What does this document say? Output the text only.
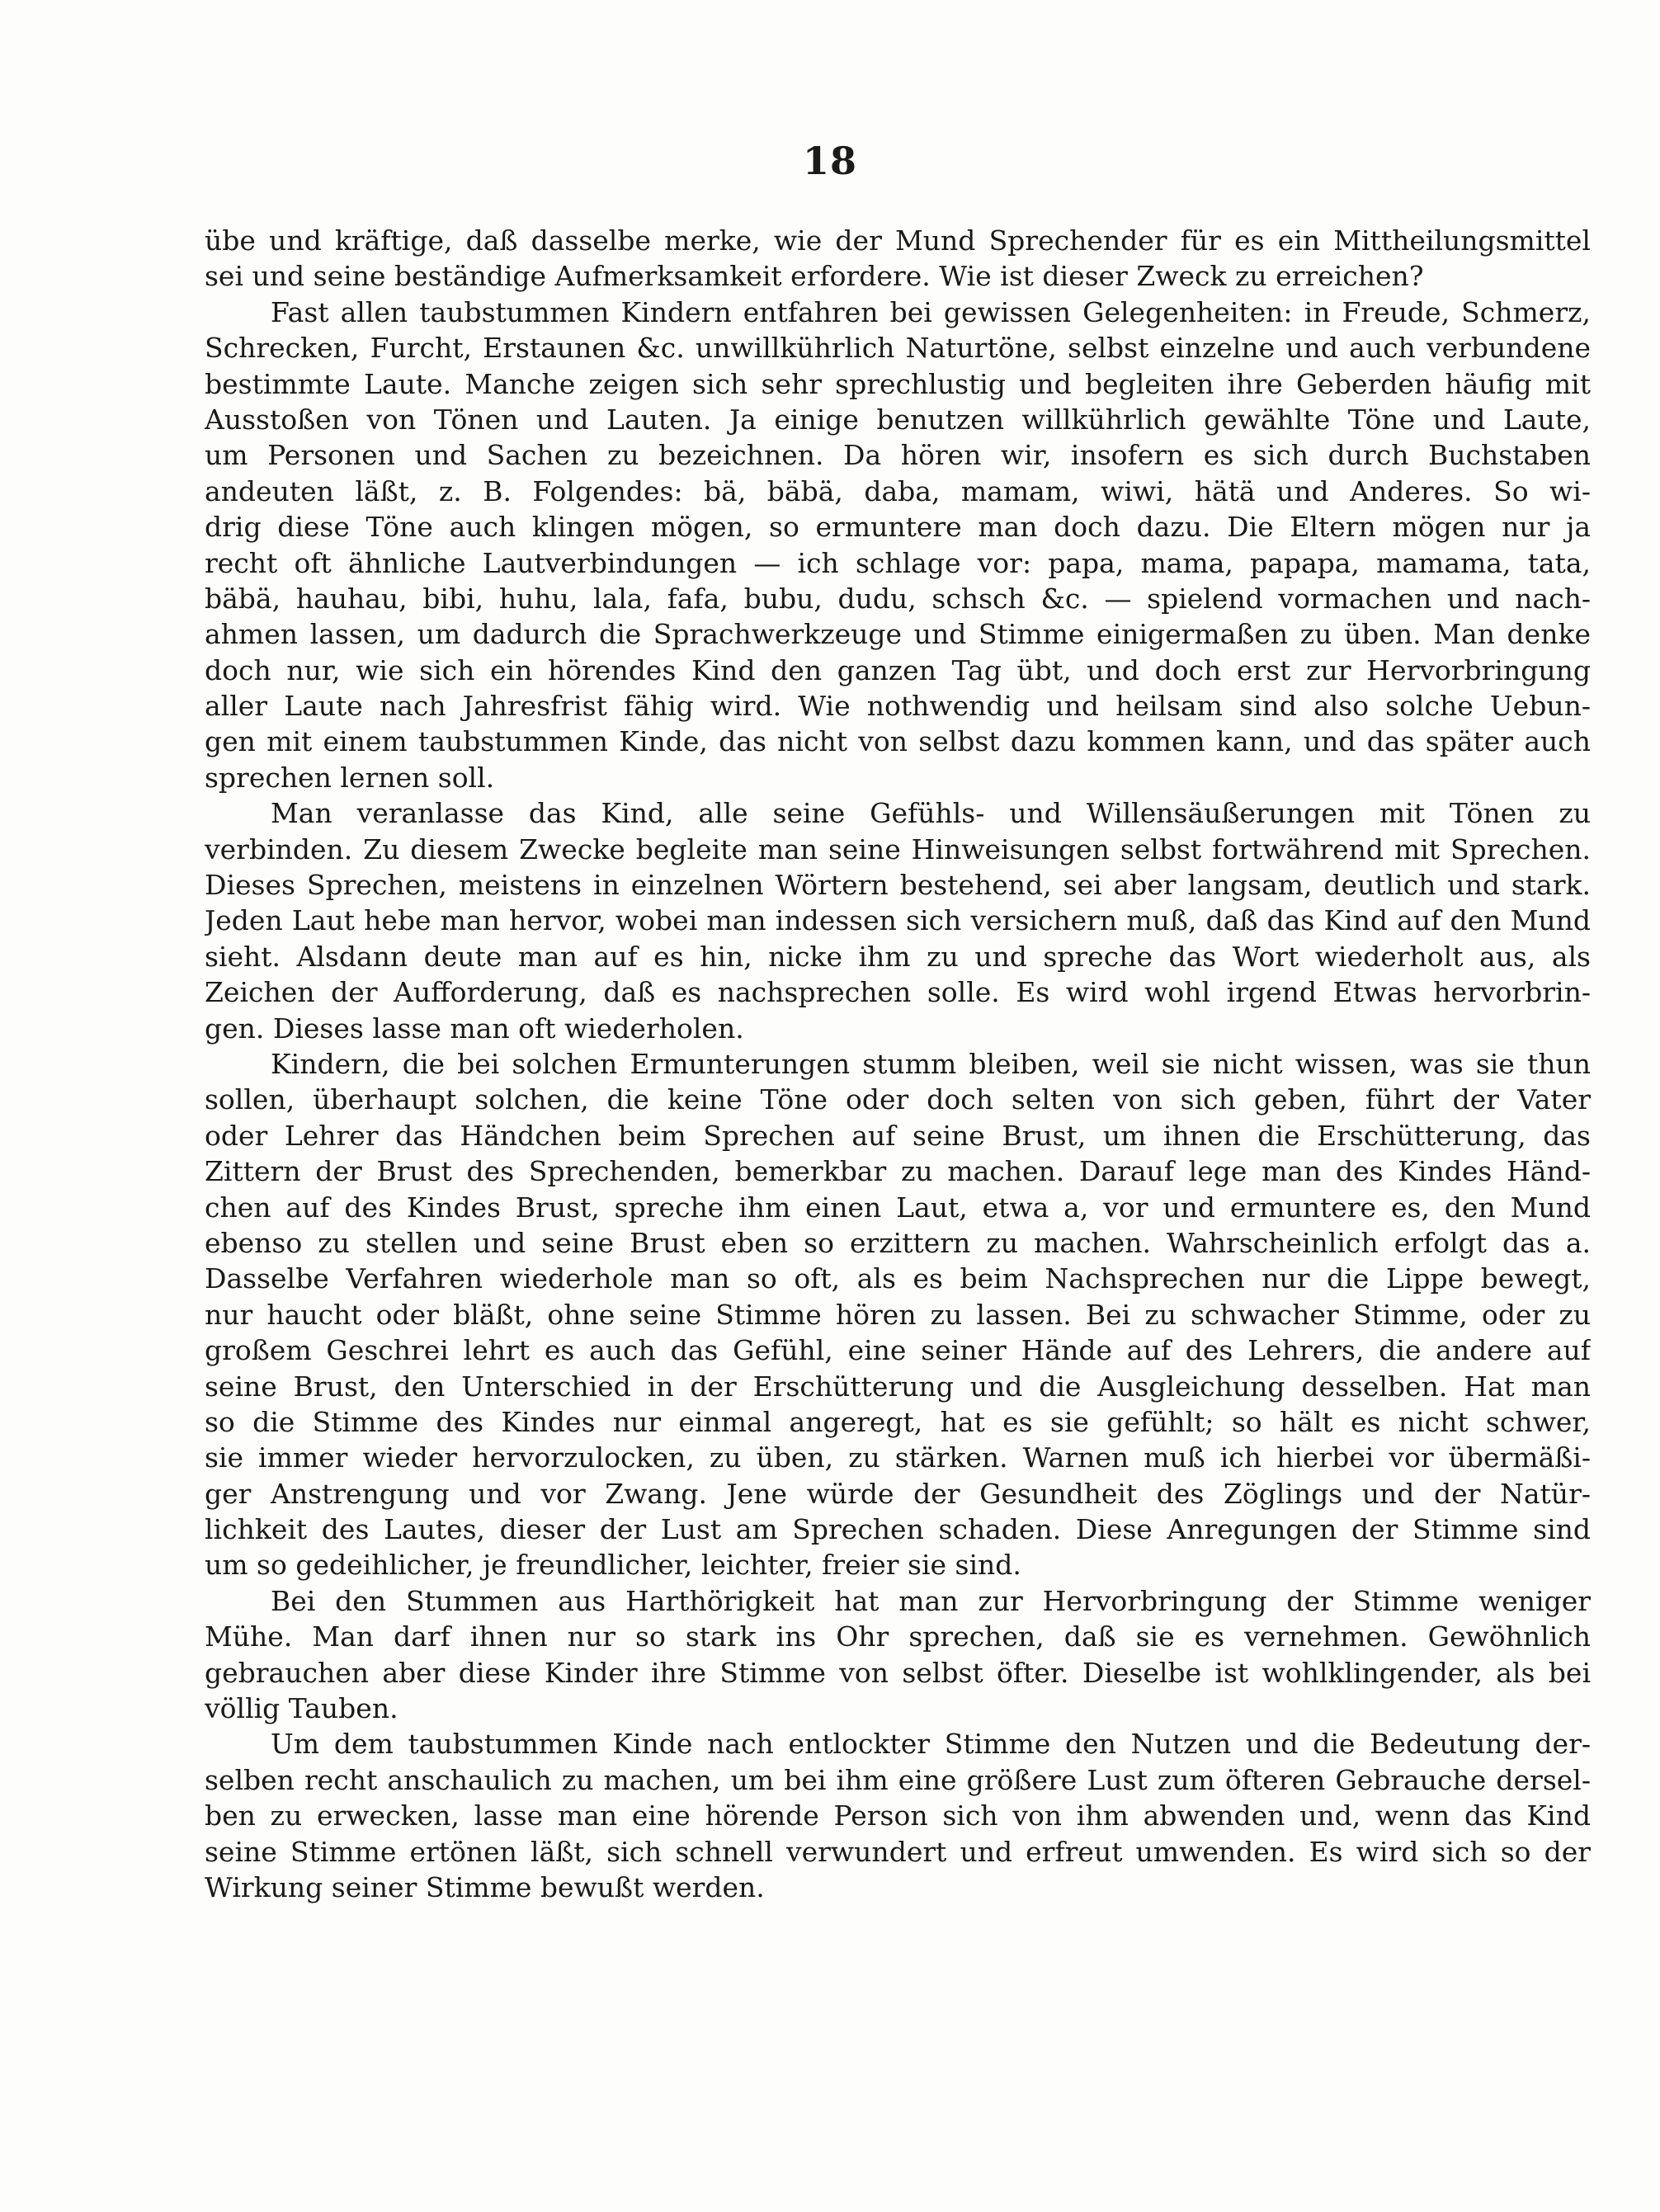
18
übe und kräftige, daß dasselbe merke, wie der Mund Sprechender für es ein Mittheilungsmittel
sei und seine beständige Aufmerksamkeit erfordere. Wie ist dieser Zweck zu erreichen?
Fast allen taubstummen Kindern entfahren bei gewissen Gelegenheiten: in Freude, Schmerz,
Schrecken, Furcht, Erstaunen &c. unwillkührlich Naturtöne, selbst einzelne und auch verbundene
bestimmte Laute. Manche zeigen sich sehr sprechlustig und begleiten ihre Geberden häufig mit
Ausstoßen von Tönen und Lauten. Ja einige benutzen willkührlich gewählte Töne und Laute,
um Personen und Sachen zu bezeichnen. Da hören wir, insofern es sich durch Buchstaben
andeuten läßt, z. B. Folgendes: bä, bäbä, daba, mamam, wiwi, hätä und Anderes. So wi-
drig diese Töne auch klingen mögen, so ermuntere man doch dazu. Die Eltern mögen nur ja
recht oft ähnliche Lautverbindungen — ich schlage vor: papa, mama, papapa, mamama, tata,
bäbä, hauhau, bibi, huhu, lala, fafa, bubu, dudu, schsch &c. — spielend vormachen und nach-
ahmen lassen, um dadurch die Sprachwerkzeuge und Stimme einigermaßen zu üben. Man denke
doch nur, wie sich ein hörendes Kind den ganzen Tag übt, und doch erst zur Hervorbringung
aller Laute nach Jahresfrist fähig wird. Wie nothwendig und heilsam sind also solche Uebun-
gen mit einem taubstummen Kinde, das nicht von selbst dazu kommen kann, und das später auch
sprechen lernen soll.
Man veranlasse das Kind, alle seine Gefühls- und Willensäußerungen mit Tönen zu
verbinden. Zu diesem Zwecke begleite man seine Hinweisungen selbst fortwährend mit Sprechen.
Dieses Sprechen, meistens in einzelnen Wörtern bestehend, sei aber langsam, deutlich und stark.
Jeden Laut hebe man hervor, wobei man indessen sich versichern muß, daß das Kind auf den Mund
sieht. Alsdann deute man auf es hin, nicke ihm zu und spreche das Wort wiederholt aus, als
Zeichen der Aufforderung, daß es nachsprechen solle. Es wird wohl irgend Etwas hervorbrin-
gen. Dieses lasse man oft wiederholen.
Kindern, die bei solchen Ermunterungen stumm bleiben, weil sie nicht wissen, was sie thun
sollen, überhaupt solchen, die keine Töne oder doch selten von sich geben, führt der Vater
oder Lehrer das Händchen beim Sprechen auf seine Brust, um ihnen die Erschütterung, das
Zittern der Brust des Sprechenden, bemerkbar zu machen. Darauf lege man des Kindes Händ-
chen auf des Kindes Brust, spreche ihm einen Laut, etwa a, vor und ermuntere es, den Mund
ebenso zu stellen und seine Brust eben so erzittern zu machen. Wahrscheinlich erfolgt das a.
Dasselbe Verfahren wiederhole man so oft, als es beim Nachsprechen nur die Lippe bewegt,
nur haucht oder bläßt, ohne seine Stimme hören zu lassen. Bei zu schwacher Stimme, oder zu
großem Geschrei lehrt es auch das Gefühl, eine seiner Hände auf des Lehrers, die andere auf
seine Brust, den Unterschied in der Erschütterung und die Ausgleichung desselben. Hat man
so die Stimme des Kindes nur einmal angeregt, hat es sie gefühlt; so hält es nicht schwer,
sie immer wieder hervorzulocken, zu üben, zu stärken. Warnen muß ich hierbei vor übermäßi-
ger Anstrengung und vor Zwang. Jene würde der Gesundheit des Zöglings und der Natür-
lichkeit des Lautes, dieser der Lust am Sprechen schaden. Diese Anregungen der Stimme sind
um so gedeihlicher, je freundlicher, leichter, freier sie sind.
Bei den Stummen aus Harthörigkeit hat man zur Hervorbringung der Stimme weniger
Mühe. Man darf ihnen nur so stark ins Ohr sprechen, daß sie es vernehmen. Gewöhnlich
gebrauchen aber diese Kinder ihre Stimme von selbst öfter. Dieselbe ist wohlklingender, als bei
völlig Tauben.
Um dem taubstummen Kinde nach entlockter Stimme den Nutzen und die Bedeutung der-
selben recht anschaulich zu machen, um bei ihm eine größere Lust zum öfteren Gebrauche dersel-
ben zu erwecken, lasse man eine hörende Person sich von ihm abwenden und, wenn das Kind
seine Stimme ertönen läßt, sich schnell verwundert und erfreut umwenden. Es wird sich so der
Wirkung seiner Stimme bewußt werden.
